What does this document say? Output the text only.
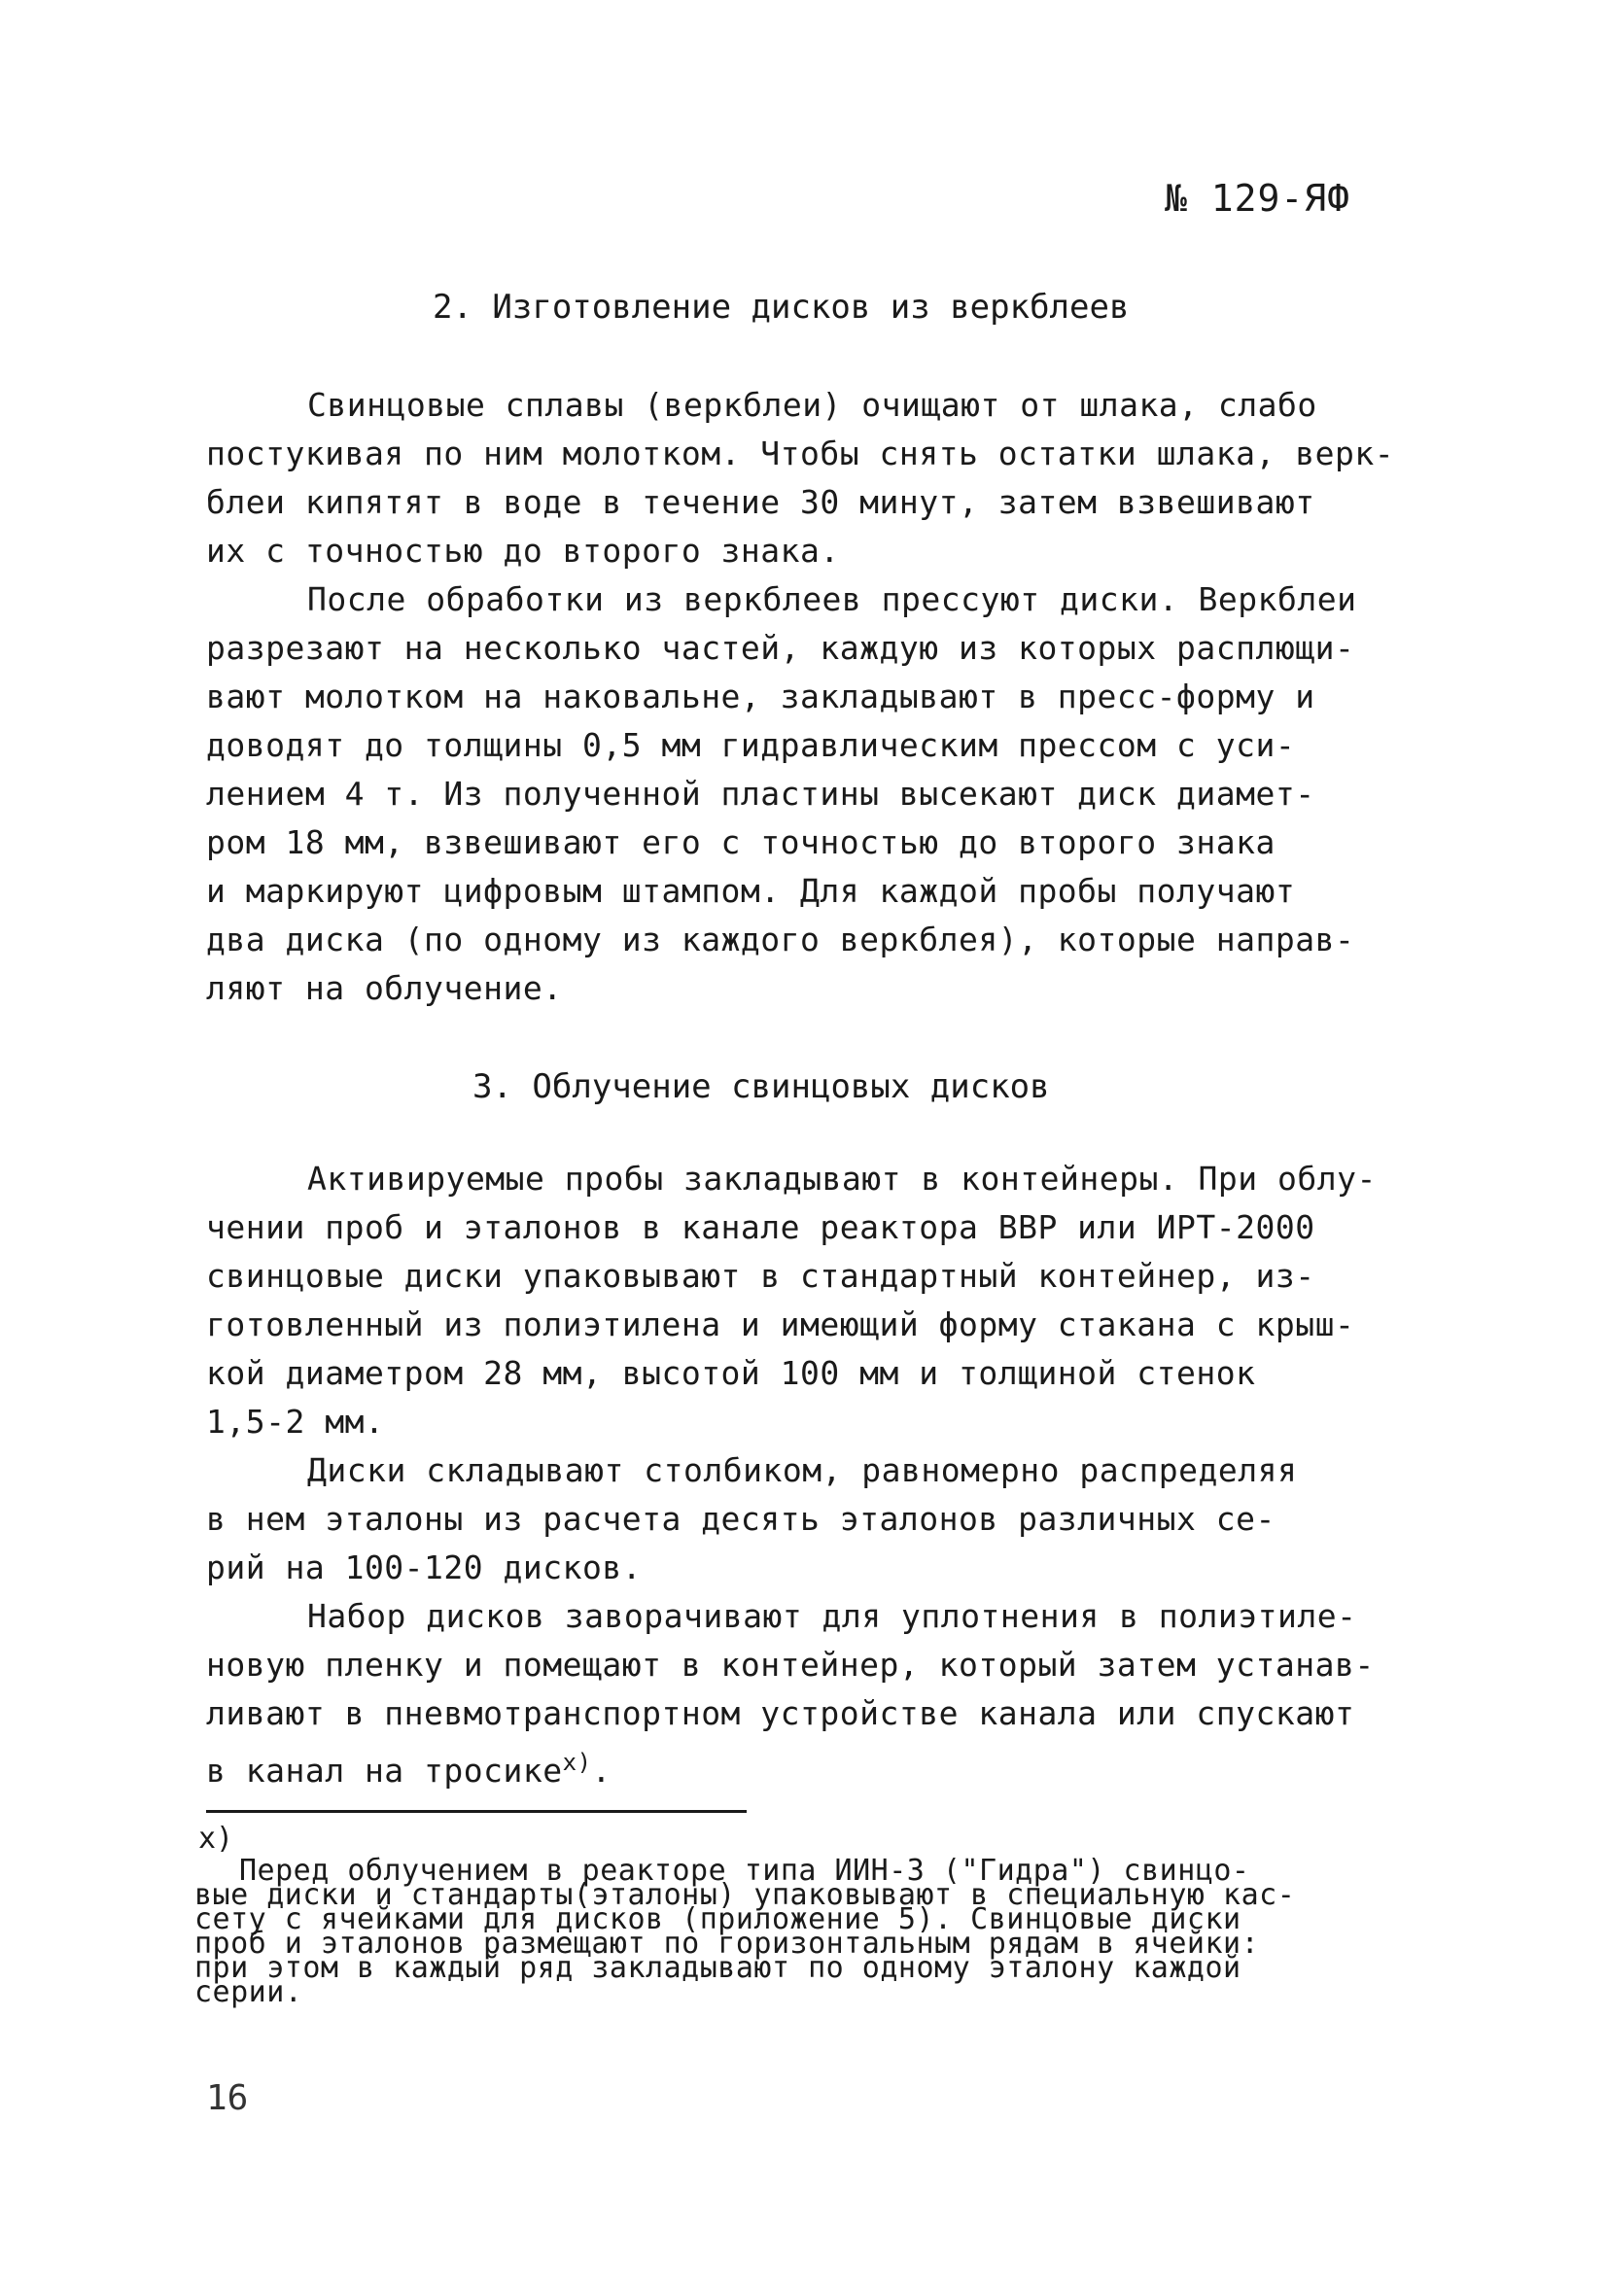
№ 129-ЯФ
2. Изготовление дисков из веркблеев
Свинцовые сплавы (веркблеи) очищают от шлака, слабо
постукивая по ним молотком. Чтобы снять остатки шлака, верк-
блеи кипятят в воде в течение 30 минут, затем взвешивают
их с точностью до второго знака.
После обработки из веркблеев прессуют диски. Веркблеи
разрезают на несколько частей, каждую из которых расплющи-
вают молотком на наковальне, закладывают в пресс-форму и
доводят до толщины 0,5 мм гидравлическим прессом с уси-
лением 4 т. Из полученной пластины высекают диск диамет-
ром 18 мм, взвешивают его с точностью до второго знака
и маркируют цифровым штампом. Для каждой пробы получают
два диска (по одному из каждого веркблея), которые направ-
ляют на облучение.
3. Облучение свинцовых дисков
Активируемые пробы закладывают в контейнеры. При облу-
чении проб и эталонов в канале реактора ВВР или ИРТ-2000
свинцовые диски упаковывают в стандартный контейнер, из-
готовленный из полиэтилена и имеющий форму стакана с крыш-
кой диаметром 28 мм, высотой 100 мм и толщиной стенок
1,5-2 мм.
Диски складывают столбиком, равномерно распределяя
в нем эталоны из расчета десять эталонов различных се-
рий на 100-120 дисков.
Набор дисков заворачивают для уплотнения в полиэтиле-
новую пленку и помещают в контейнер, который затем устанав-
ливают в пневмотранспортном устройстве канала или спускают
в канал на тросике$^{х)}$.
х)
Перед облучением в реакторе типа ИИН-3 ("Гидра") свинцо-
вые диски и стандарты(эталоны) упаковывают в специальную кас-
сету с ячейками для дисков (приложение 5). Свинцовые диски
проб и эталонов размещают по горизонтальным рядам в ячейки:
при этом в каждый ряд закладывают по одному эталону каждой
серии.
16
